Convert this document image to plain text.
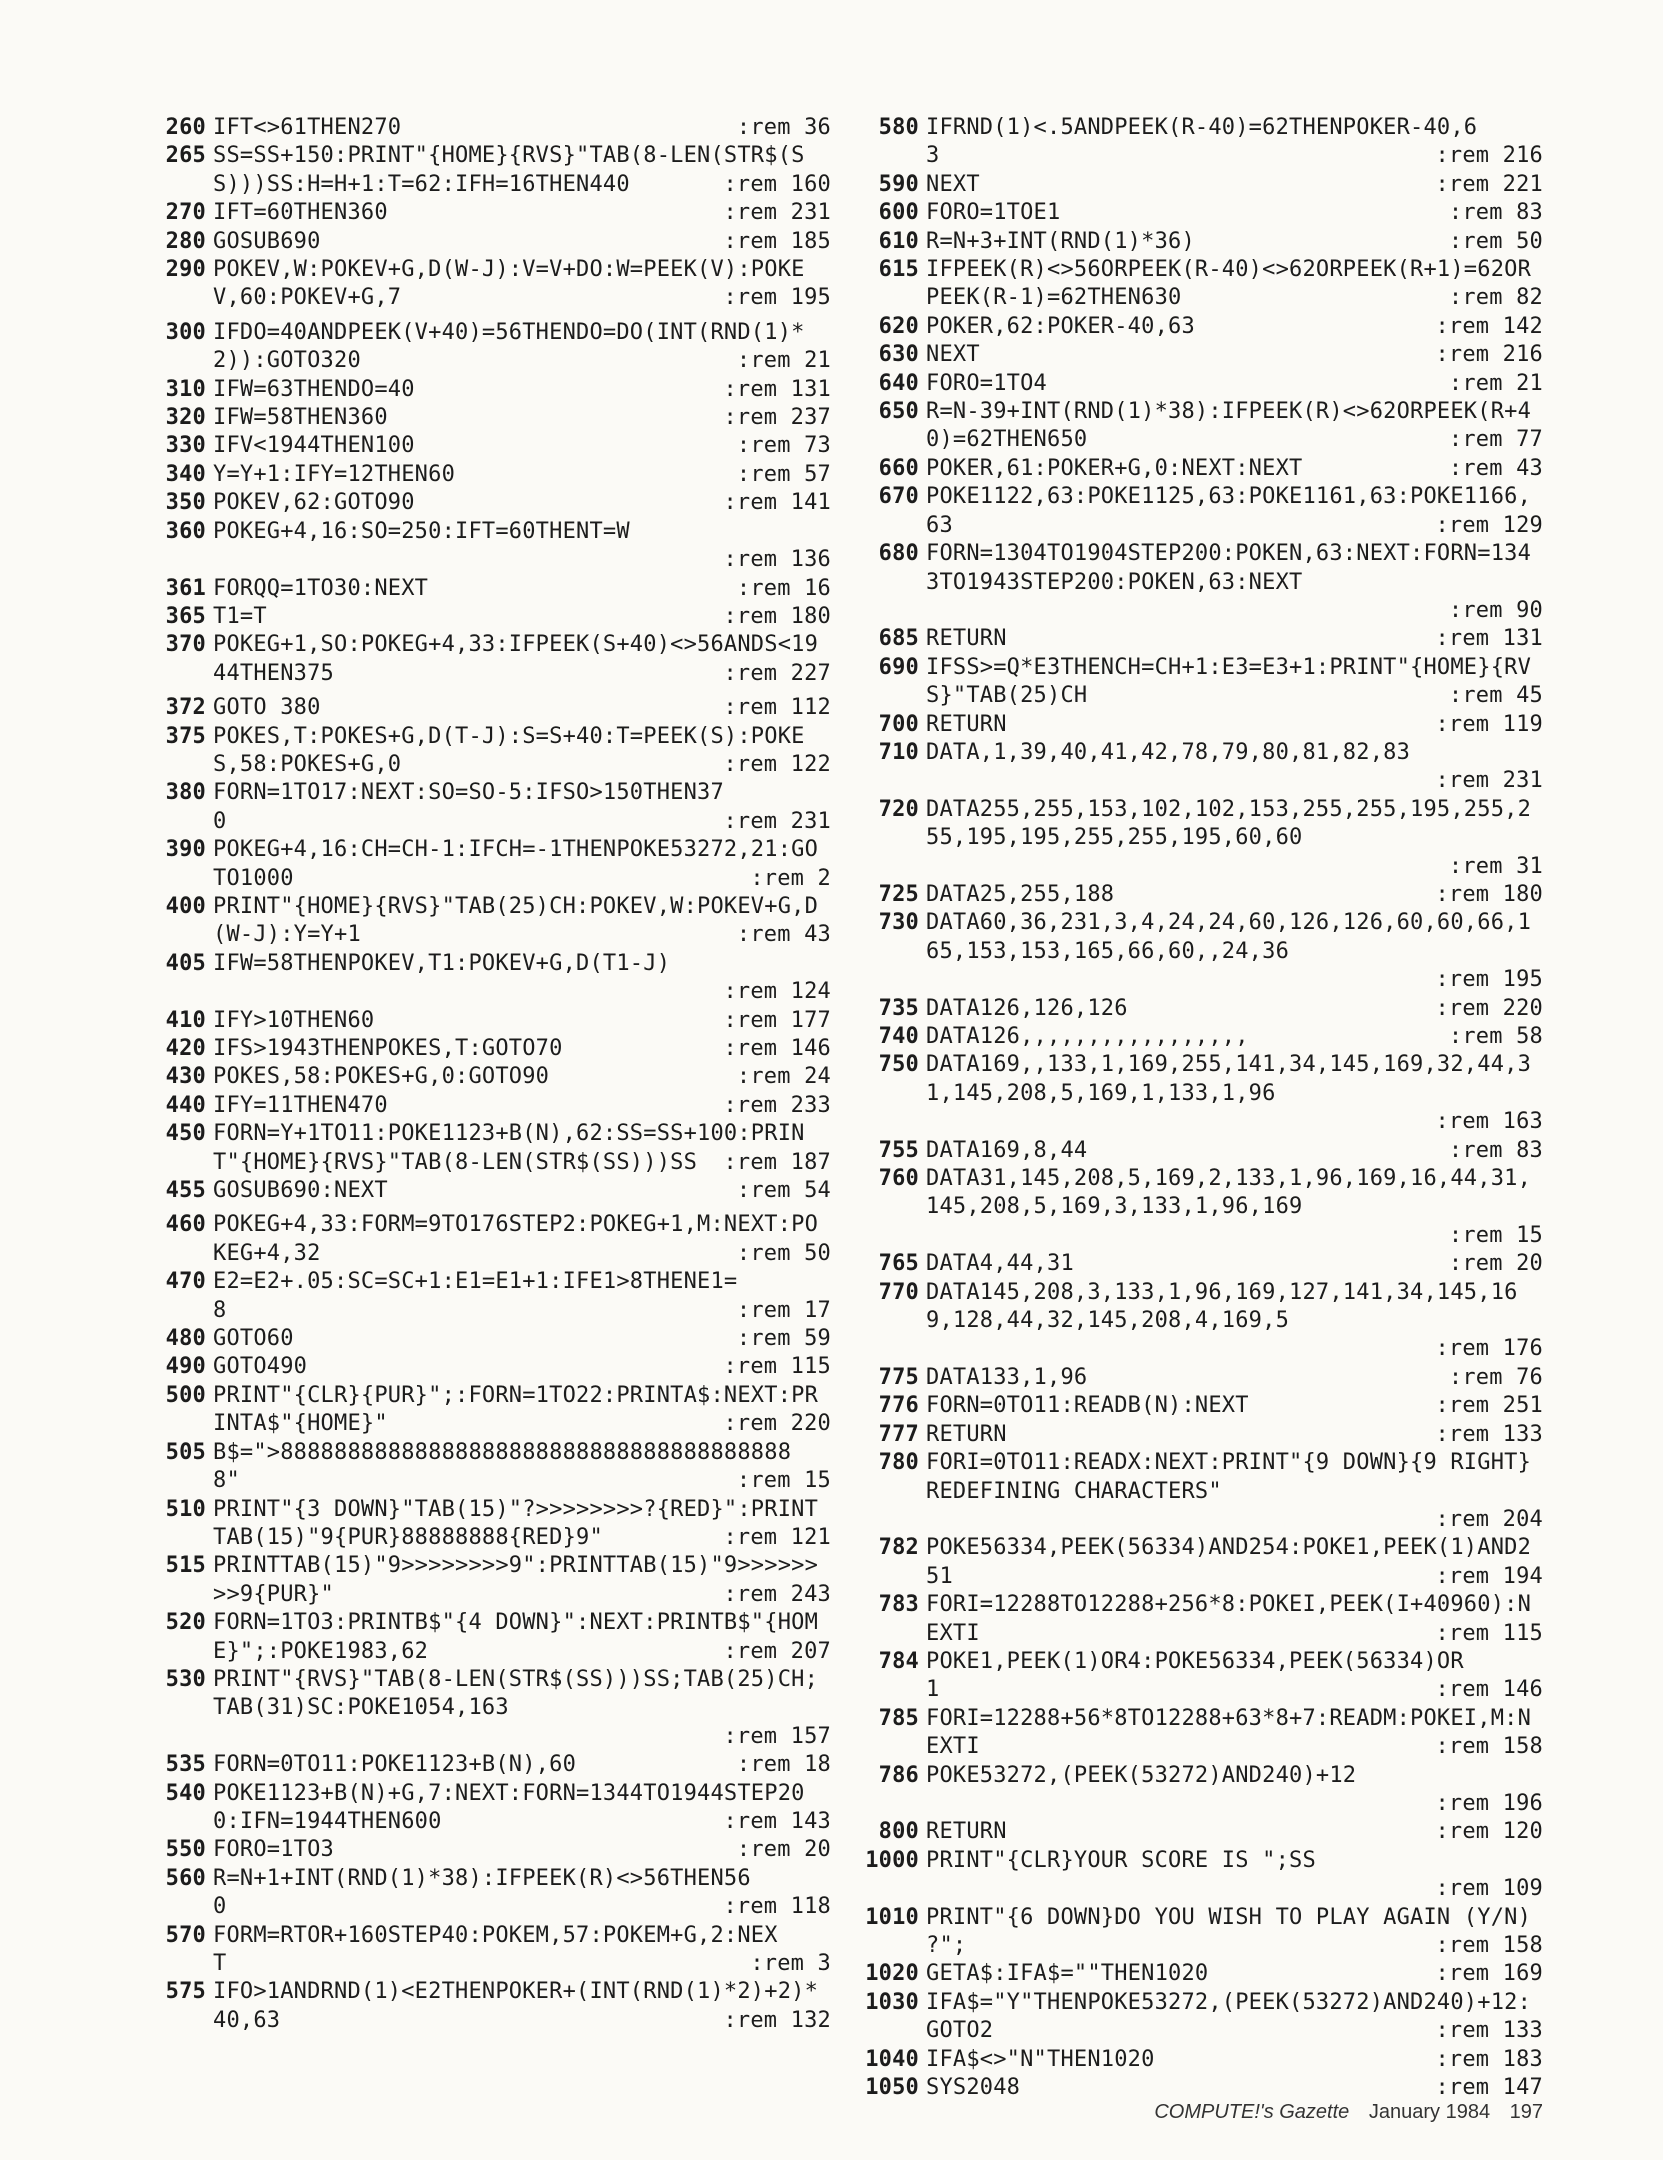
260 IFT<>61THEN270	:rem 36
265 SS=SS+150:PRINT"{HOME}{RVS}"TAB(8-LEN(STR$(SS)))SS:H=H+1:T=62:IFH=16THEN440	:rem 160
270 IFT=60THEN360	:rem 231
280 GOSUB690	:rem 185
290 POKEV,W:POKEV+G,D(W-J):V=V+DO:W=PEEK(V):POKEV,60:POKEV+G,7	:rem 195
300 IFDO=40ANDPEEK(V+40)=56THENDO=DO(INT(RND(1)*2)):GOTO320	:rem 21
310 IFW=63THENDO=40	:rem 131
320 IFW=58THEN360	:rem 237
330 IFV<1944THEN100	:rem 73
340 Y=Y+1:IFY=12THEN60	:rem 57
350 POKEV,62:GOTO90	:rem 141
360 POKEG+4,16:SO=250:IFT=60THENT=W
:rem 136
361 FORQQ=1TO30:NEXT	:rem 16
365 T1=T	:rem 180
370 POKEG+1,SO:POKEG+4,33:IFPEEK(S+40)<>56ANDS<1944THEN375	:rem 227
372 GOTO 380	:rem 112
375 POKES,T:POKES+G,D(T-J):S=S+40:T=PEEK(S):POKES,58:POKES+G,0	:rem 122
380 FORN=1TO17:NEXT:SO=SO-5:IFSO>150THEN370	:rem 231
390 POKEG+4,16:CH=CH-1:IFCH=-1THENPOKE53272,21:GOTO1000	:rem 2
400 PRINT"{HOME}{RVS}"TAB(25)CH:POKEV,W:POKEV+G,D(W-J):Y=Y+1	:rem 43
405 IFW=58THENPOKEV,T1:POKEV+G,D(T1-J)
:rem 124
410 IFY>10THEN60	:rem 177
420 IFS>1943THENPOKES,T:GOTO70	:rem 146
430 POKES,58:POKES+G,0:GOTO90	:rem 24
440 IFY=11THEN470	:rem 233
450 FORN=Y+1TO11:POKE1123+B(N),62:SS=SS+100:PRINT"{HOME}{RVS}"TAB(8-LEN(STR$(SS)))SS	:rem 187
455 GOSUB690:NEXT	:rem 54
460 POKEG+4,33:FORM=9TO176STEP2:POKEG+1,M:NEXT:POKEG+4,32	:rem 50
470 E2=E2+.05:SC=SC+1:E1=E1+1:IFE1>8THENE1=8	:rem 17
480 GOTO60	:rem 59
490 GOTO490	:rem 115
500 PRINT"{CLR}{PUR}";:FORN=1TO22:PRINTA$:NEXT:PRINTA$"{HOME}"	:rem 220
505 B$=">888888888888888888888888888888888888888"	:rem 15
510 PRINT"{3 DOWN}"TAB(15)"?>>>>>>>>?{RED}":PRINTTAB(15)"9{PUR}88888888{RED}9"	:rem 121
515 PRINTTAB(15)"9>>>>>>>>9":PRINTTAB(15)"9>>>>>>>>9{PUR}"	:rem 243
520 FORN=1TO3:PRINTB$"{4 DOWN}":NEXT:PRINTB$"{HOME}";:POKE1983,62	:rem 207
530 PRINT"{RVS}"TAB(8-LEN(STR$(SS)))SS;TAB(25)CH;TAB(31)SC:POKE1054,163
:rem 157
535 FORN=0TO11:POKE1123+B(N),60	:rem 18
540 POKE1123+B(N)+G,7:NEXT:FORN=1344TO1944STEP200:IFN=1944THEN600	:rem 143
550 FORO=1TO3	:rem 20
560 R=N+1+INT(RND(1)*38):IFPEEK(R)<>56THEN560	:rem 118
570 FORM=RTOR+160STEP40:POKEM,57:POKEM+G,2:NEXT	:rem 3
575 IFO>1ANDRND(1)<E2THENPOKER+(INT(RND(1)*2)+2)*40,63	:rem 132
580 IFRND(1)<.5ANDPEEK(R-40)=62THENPOKER-40,63	:rem 216
590 NEXT	:rem 221
600 FORO=1TOE1	:rem 83
610 R=N+3+INT(RND(1)*36)	:rem 50
615 IFPEEK(R)<>56ORPEEK(R-40)<>62ORPEEK(R+1)=62ORPEEK(R-1)=62THEN630	:rem 82
620 POKER,62:POKER-40,63	:rem 142
630 NEXT	:rem 216
640 FORO=1TO4	:rem 21
650 R=N-39+INT(RND(1)*38):IFPEEK(R)<>62ORPEEK(R+40)=62THEN650	:rem 77
660 POKER,61:POKER+G,0:NEXT:NEXT	:rem 43
670 POKE1122,63:POKE1125,63:POKE1161,63:POKE1166,63	:rem 129
680 FORN=1304TO1904STEP200:POKEN,63:NEXT:FORN=1343TO1943STEP200:POKEN,63:NEXT
:rem 90
685 RETURN	:rem 131
690 IFSS>=Q*E3THENCH=CH+1:E3=E3+1:PRINT"{HOME}{RVS}"TAB(25)CH	:rem 45
700 RETURN	:rem 119
710 DATA,1,39,40,41,42,78,79,80,81,82,83
:rem 231
720 DATA255,255,153,102,102,153,255,255,195,255,255,195,195,255,255,195,60,60
:rem 31
725 DATA25,255,188	:rem 180
730 DATA60,36,231,3,4,24,24,60,126,126,60,60,66,165,153,153,165,66,60,,24,36
:rem 195
735 DATA126,126,126	:rem 220
740 DATA126,,,,,,,,,,,,,,,,,	:rem 58
750 DATA169,,133,1,169,255,141,34,145,169,32,44,31,145,208,5,169,1,133,1,96
:rem 163
755 DATA169,8,44	:rem 83
760 DATA31,145,208,5,169,2,133,1,96,169,16,44,31,145,208,5,169,3,133,1,96,169
:rem 15
765 DATA4,44,31	:rem 20
770 DATA145,208,3,133,1,96,169,127,141,34,145,169,128,44,32,145,208,4,169,5
:rem 176
775 DATA133,1,96	:rem 76
776 FORN=0TO11:READB(N):NEXT	:rem 251
777 RETURN	:rem 133
780 FORI=0TO11:READX:NEXT:PRINT"{9 DOWN}{9 RIGHT}REDEFINING CHARACTERS"
:rem 204
782 POKE56334,PEEK(56334)AND254:POKE1,PEEK(1)AND251	:rem 194
783 FORI=12288TO12288+256*8:POKEI,PEEK(I+40960):NEXTI	:rem 115
784 POKE1,PEEK(1)OR4:POKE56334,PEEK(56334)OR1	:rem 146
785 FORI=12288+56*8TO12288+63*8+7:READM:POKEI,M:NEXTI	:rem 158
786 POKE53272,(PEEK(53272)AND240)+12
:rem 196
800 RETURN	:rem 120
1000 PRINT"{CLR}YOUR SCORE IS ";SS
:rem 109
1010 PRINT"{6 DOWN}DO YOU WISH TO PLAY AGAIN (Y/N) ?";	:rem 158
1020 GETA$:IFA$=""THEN1020	:rem 169
1030 IFA$="Y"THENPOKE53272,(PEEK(53272)AND240)+12:GOTO2	:rem 133
1040 IFA$<>"N"THEN1020	:rem 183
1050 SYS2048	:rem 147
COMPUTE!'s Gazette January 1984 197
